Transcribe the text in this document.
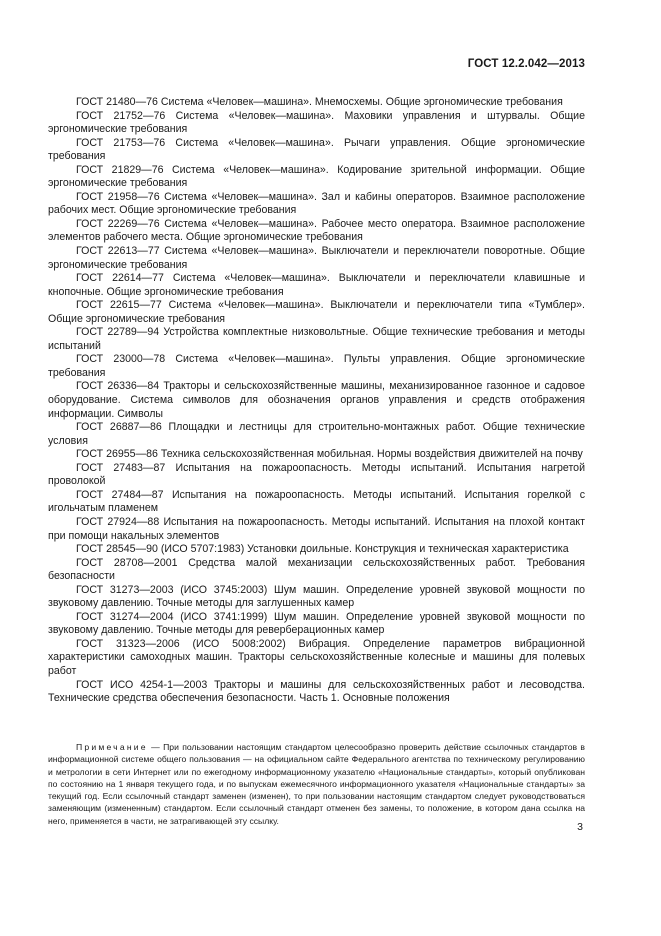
ГОСТ 12.2.042—2013

ГОСТ 21480—76 Система «Человек—машина». Мнемосхемы. Общие эргономические требования

ГОСТ 21752—76 Система «Человек—машина». Маховики управления и штурвалы. Общие эргономические требования

ГОСТ 21753—76 Система «Человек—машина». Рычаги управления. Общие эргономические требования

ГОСТ 21829—76 Система «Человек—машина». Кодирование зрительной информации. Общие эргономические требования

ГОСТ 21958—76 Система «Человек—машина». Зал и кабины операторов. Взаимное расположение рабочих мест. Общие эргономические требования

ГОСТ 22269—76 Система «Человек—машина». Рабочее место оператора. Взаимное расположение элементов рабочего места. Общие эргономические требования

ГОСТ 22613—77 Система «Человек—машина». Выключатели и переключатели поворотные. Общие эргономические требования

ГОСТ 22614—77 Система «Человек—машина». Выключатели и переключатели клавишные и кнопочные. Общие эргономические требования

ГОСТ 22615—77 Система «Человек—машина». Выключатели и переключатели типа «Тумблер». Общие эргономические требования

ГОСТ 22789—94 Устройства комплектные низковольтные. Общие технические требования и методы испытаний

ГОСТ 23000—78 Система «Человек—машина». Пульты управления. Общие эргономические требования

ГОСТ 26336—84 Тракторы и сельскохозяйственные машины, механизированное газонное и садовое оборудование. Система символов для обозначения органов управления и средств отображения информации. Символы

ГОСТ 26887—86 Площадки и лестницы для строительно-монтажных работ. Общие технические условия

ГОСТ 26955—86 Техника сельскохозяйственная мобильная. Нормы воздействия движителей на почву

ГОСТ 27483—87 Испытания на пожароопасность. Методы испытаний. Испытания нагретой проволокой

ГОСТ 27484—87 Испытания на пожароопасность. Методы испытаний. Испытания горелкой с игольчатым пламенем

ГОСТ 27924—88 Испытания на пожароопасность. Методы испытаний. Испытания на плохой контакт при помощи накальных элементов

ГОСТ 28545—90 (ИСО 5707:1983) Установки доильные. Конструкция и техническая характеристика

ГОСТ 28708—2001 Средства малой механизации сельскохозяйственных работ. Требования безопасности

ГОСТ 31273—2003 (ИСО 3745:2003) Шум машин. Определение уровней звуковой мощности по звуковому давлению. Точные методы для заглушенных камер

ГОСТ 31274—2004 (ИСО 3741:1999) Шум машин. Определение уровней звуковой мощности по звуковому давлению. Точные методы для реверберационных камер

ГОСТ 31323—2006 (ИСО 5008:2002) Вибрация. Определение параметров вибрационной характеристики самоходных машин. Тракторы сельскохозяйственные колесные и машины для полевых работ

ГОСТ ИСО 4254-1—2003 Тракторы и машины для сельскохозяйственных работ и лесоводства. Технические средства обеспечения безопасности. Часть 1. Основные положения

Примечание — При пользовании настоящим стандартом целесообразно проверить действие ссылочных стандартов в информационной системе общего пользования — на официальном сайте Федерального агентства по техническому регулированию и метрологии в сети Интернет или по ежегодному информационному указателю «Национальные стандарты», который опубликован по состоянию на 1 января текущего года, и по выпускам ежемесячного информационного указателя «Национальные стандарты» за текущий год. Если ссылочный стандарт заменен (изменен), то при пользовании настоящим стандартом следует руководствоваться заменяющим (измененным) стандартом. Если ссылочный стандарт отменен без замены, то положение, в котором дана ссылка на него, применяется в части, не затрагивающей эту ссылку.

3
